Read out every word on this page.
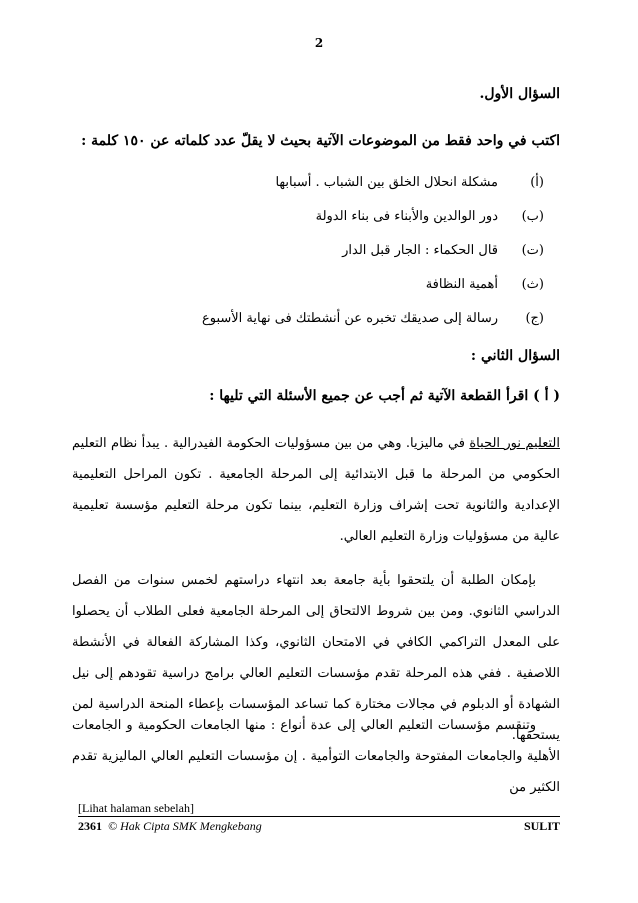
2
السؤال الأول.
اكتب في واحد فقط من الموضوعات الآتية بحيث لا يقلّ عدد كلماته عن ١٥٠ كلمة :
(أ)
مشكلة انحلال الخلق بين الشباب . أسبابها
(ب)
دور الوالدين والأبناء فى بناء الدولة
(ت)
قال الحكماء : الجار قبل الدار
(ث)
أهمية النظافة
(ج)
رسالة إلى صديقك تخبره عن أنشطتك فى نهاية الأسبوع
السؤال الثاني :
( أ ) اقرأ القطعة الآتية ثم أجب عن جميع الأسئلة التي تليها :

التعليم نور الحياة في ماليزيا. وهي من بين مسؤوليات الحكومة الفيدرالية . يبدأ نظام التعليم الحكومي من المرحلة ما قبل الابتدائية إلى المرحلة الجامعية . تكون المراحل التعليمية الإعدادية والثانوية تحت إشراف وزارة التعليم، بينما تكون مرحلة التعليم مؤسسة تعليمية عالية من مسؤوليات وزارة التعليم العالي.

بإمكان الطلبة أن يلتحقوا بأية جامعة بعد انتهاء دراستهم لخمس سنوات من الفصل الدراسي الثانوي. ومن بين شروط الالتحاق إلى المرحلة الجامعية فعلى الطلاب أن يحصلوا على المعدل التراكمي الكافي في الامتحان الثانوي، وكذا المشاركة الفعالة في الأنشطة اللاصفية . ففي هذه المرحلة تقدم مؤسسات التعليم العالي برامج دراسية تقودهم إلى نيل الشهادة أو الدبلوم في مجالات مختارة كما تساعد المؤسسات بإعطاء المنحة الدراسية لمن يستحقها.

وتنقسم مؤسسات التعليم العالي إلى عدة أنواع : منها الجامعات الحكومية و الجامعات الأهلية والجامعات المفتوحة والجامعات التوأمية . إن مؤسسات التعليم العالي الماليزية تقدم الكثير من

[Lihat halaman sebelah]
2361 © Hak Cipta SMK Mengkebang	SULIT
